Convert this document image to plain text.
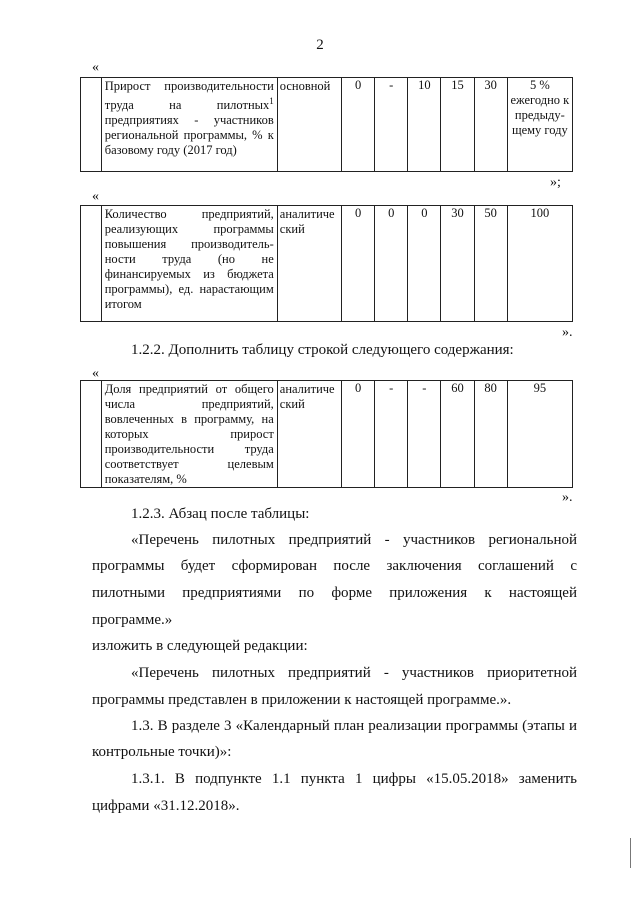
2
«
	Прирост производительности труда на пилотных$^1$ предприятиях - участников региональной программы, % к базовому году (2017 год)	основной	0	-	10	15	30	5 % ежегодно к предыду-щему году
»;
«
	Количество предприятий, реализующих программы повышения производитель-ности труда (но не финансируемых из бюджета программы), ед. нарастающим итогом	аналитиче ский	0	0	0	30	50	100
».
1.2.2. Дополнить таблицу строкой следующего содержания:
«
	Доля предприятий от общего числа предприятий, вовлеченных в программу, на которых прирост производительности труда соответствует целевым показателям, %	аналитиче ский	0	-	-	60	80	95
».
1.2.3. Абзац после таблицы:
«Перечень пилотных предприятий - участников региональной
программы будет сформирован после заключения соглашений с
пилотными предприятиями по форме приложения к настоящей
программе.»
изложить в следующей редакции:
«Перечень пилотных предприятий - участников приоритетной
программы представлен в приложении к настоящей программе.».
1.3. В разделе 3 «Календарный план реализации программы (этапы и
контрольные точки)»:
1.3.1. В подпункте 1.1 пункта 1 цифры «15.05.2018» заменить
цифрами «31.12.2018».
